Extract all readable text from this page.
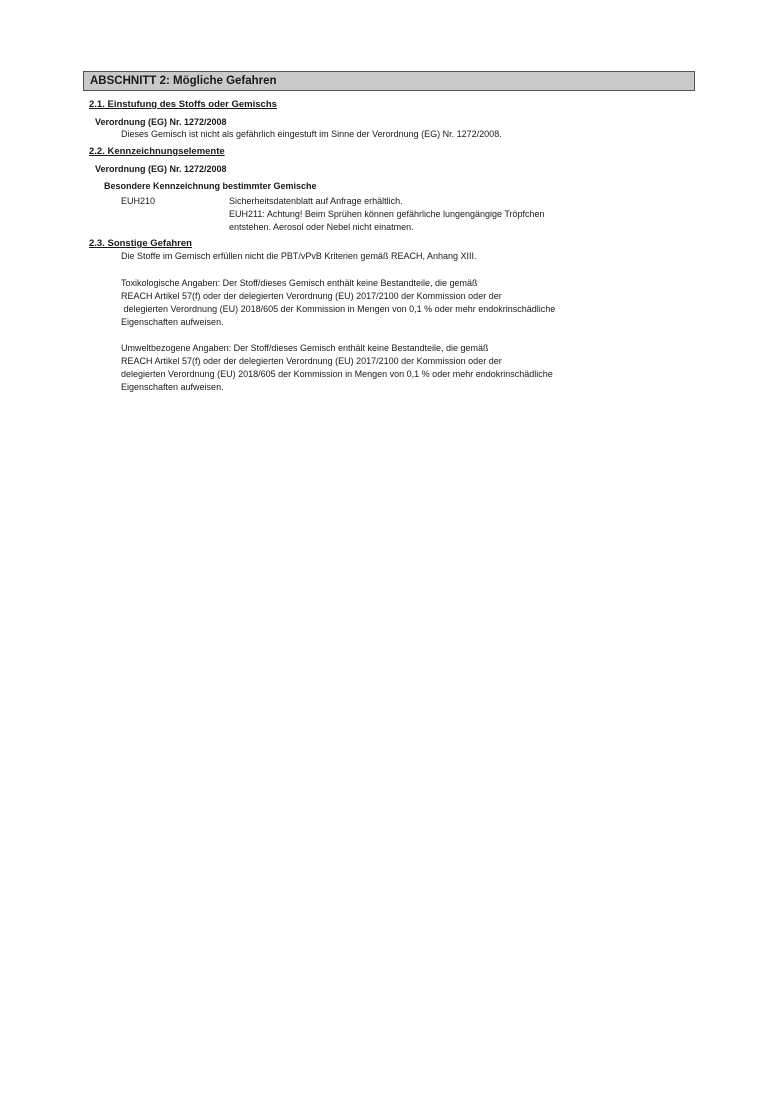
ABSCHNITT 2: Mögliche Gefahren
2.1. Einstufung des Stoffs oder Gemischs
Verordnung (EG) Nr. 1272/2008
Dieses Gemisch ist nicht als gefährlich eingestuft im Sinne der Verordnung (EG) Nr. 1272/2008.
2.2. Kennzeichnungselemente
Verordnung (EG) Nr. 1272/2008
Besondere Kennzeichnung bestimmter Gemische
EUH210	Sicherheitsdatenblatt auf Anfrage erhältlich.
EUH211: Achtung! Beim Sprühen können gefährliche lungengängige Tröpfchen
entstehen. Aerosol oder Nebel nicht einatmen.
2.3. Sonstige Gefahren
Die Stoffe im Gemisch erfüllen nicht die PBT/vPvB Kriterien gemäß REACH, Anhang XIII.
Toxikologische Angaben: Der Stoff/dieses Gemisch enthält keine Bestandteile, die gemäß
REACH Artikel 57(f) oder der delegierten Verordnung (EU) 2017/2100 der Kommission oder der
delegierten Verordnung (EU) 2018/605 der Kommission in Mengen von 0,1 % oder mehr endokrinschädliche
Eigenschaften aufweisen.
Umweltbezogene Angaben: Der Stoff/dieses Gemisch enthält keine Bestandteile, die gemäß
REACH Artikel 57(f) oder der delegierten Verordnung (EU) 2017/2100 der Kommission oder der
delegierten Verordnung (EU) 2018/605 der Kommission in Mengen von 0,1 % oder mehr endokrinschädliche
Eigenschaften aufweisen.
